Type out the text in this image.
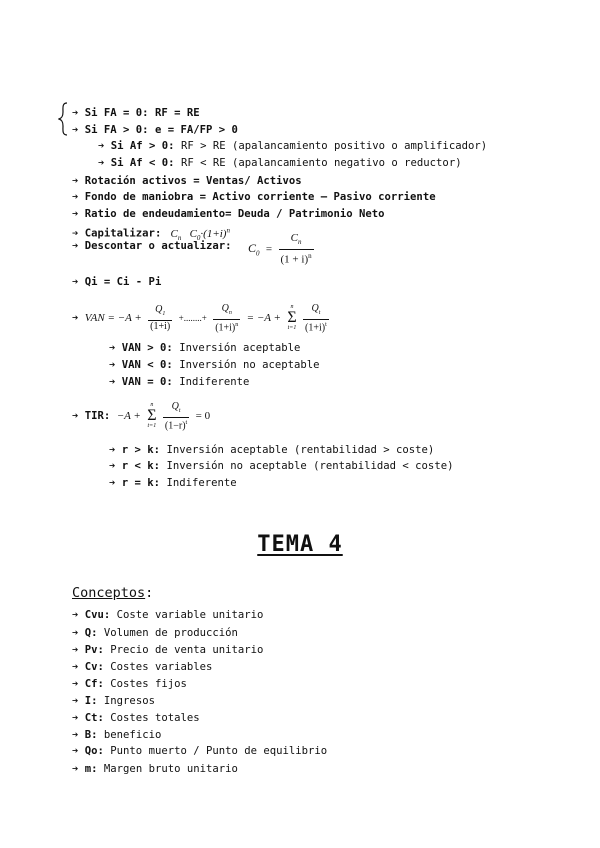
➔ Si FA = 0: RF = RE
➔ Si FA > 0: e = FA/FP > 0
➔ Si Af > 0: RF > RE (apalancamiento positivo o amplificador)
➔ Si Af < 0: RF < RE (apalancamiento negativo o reductor)
➔ Rotación activos = Ventas/ Activos
➔ Fondo de maniobra = Activo corriente – Pasivo corriente
➔ Ratio de endeudamiento= Deuda / Patrimonio Neto
➔ Capitalizar: $C_n$ $C_0\cdot(1+i)^n$
➔ Descontar o actualizar: $C_0 = \frac{C_n}{(1 + i)^n}$
➔ Qi = Ci - Pi
➔ VAN = $-A + \frac{Q_1}{(1+i)}$ +........+ $\frac{Q_n}{(1+i)^n} = -A$ +
n
Σ
t=1
$\frac{Q_t}{(1+i)^t}$
➔ VAN > 0: Inversión aceptable
➔ VAN < 0: Inversión no aceptable
➔ VAN = 0: Indiferente
➔ TIR: −A +
n
Σ
t=1
$\frac{Q_t}{(1-r)^t} = 0$
➔ r > k: Inversión aceptable (rentabilidad > coste)
➔ r < k: Inversión no aceptable (rentabilidad < coste)
➔ r = k: Indiferente
TEMA 4
Conceptos:
➔ Cvu: Coste variable unitario
➔ Q: Volumen de producción
➔ Pv: Precio de venta unitario
➔ Cv: Costes variables
➔ Cf: Costes fijos
➔ I: Ingresos
➔ Ct: Costes totales
➔ B: beneficio
➔ Qo: Punto muerto / Punto de equilibrio
➔ m: Margen bruto unitario
